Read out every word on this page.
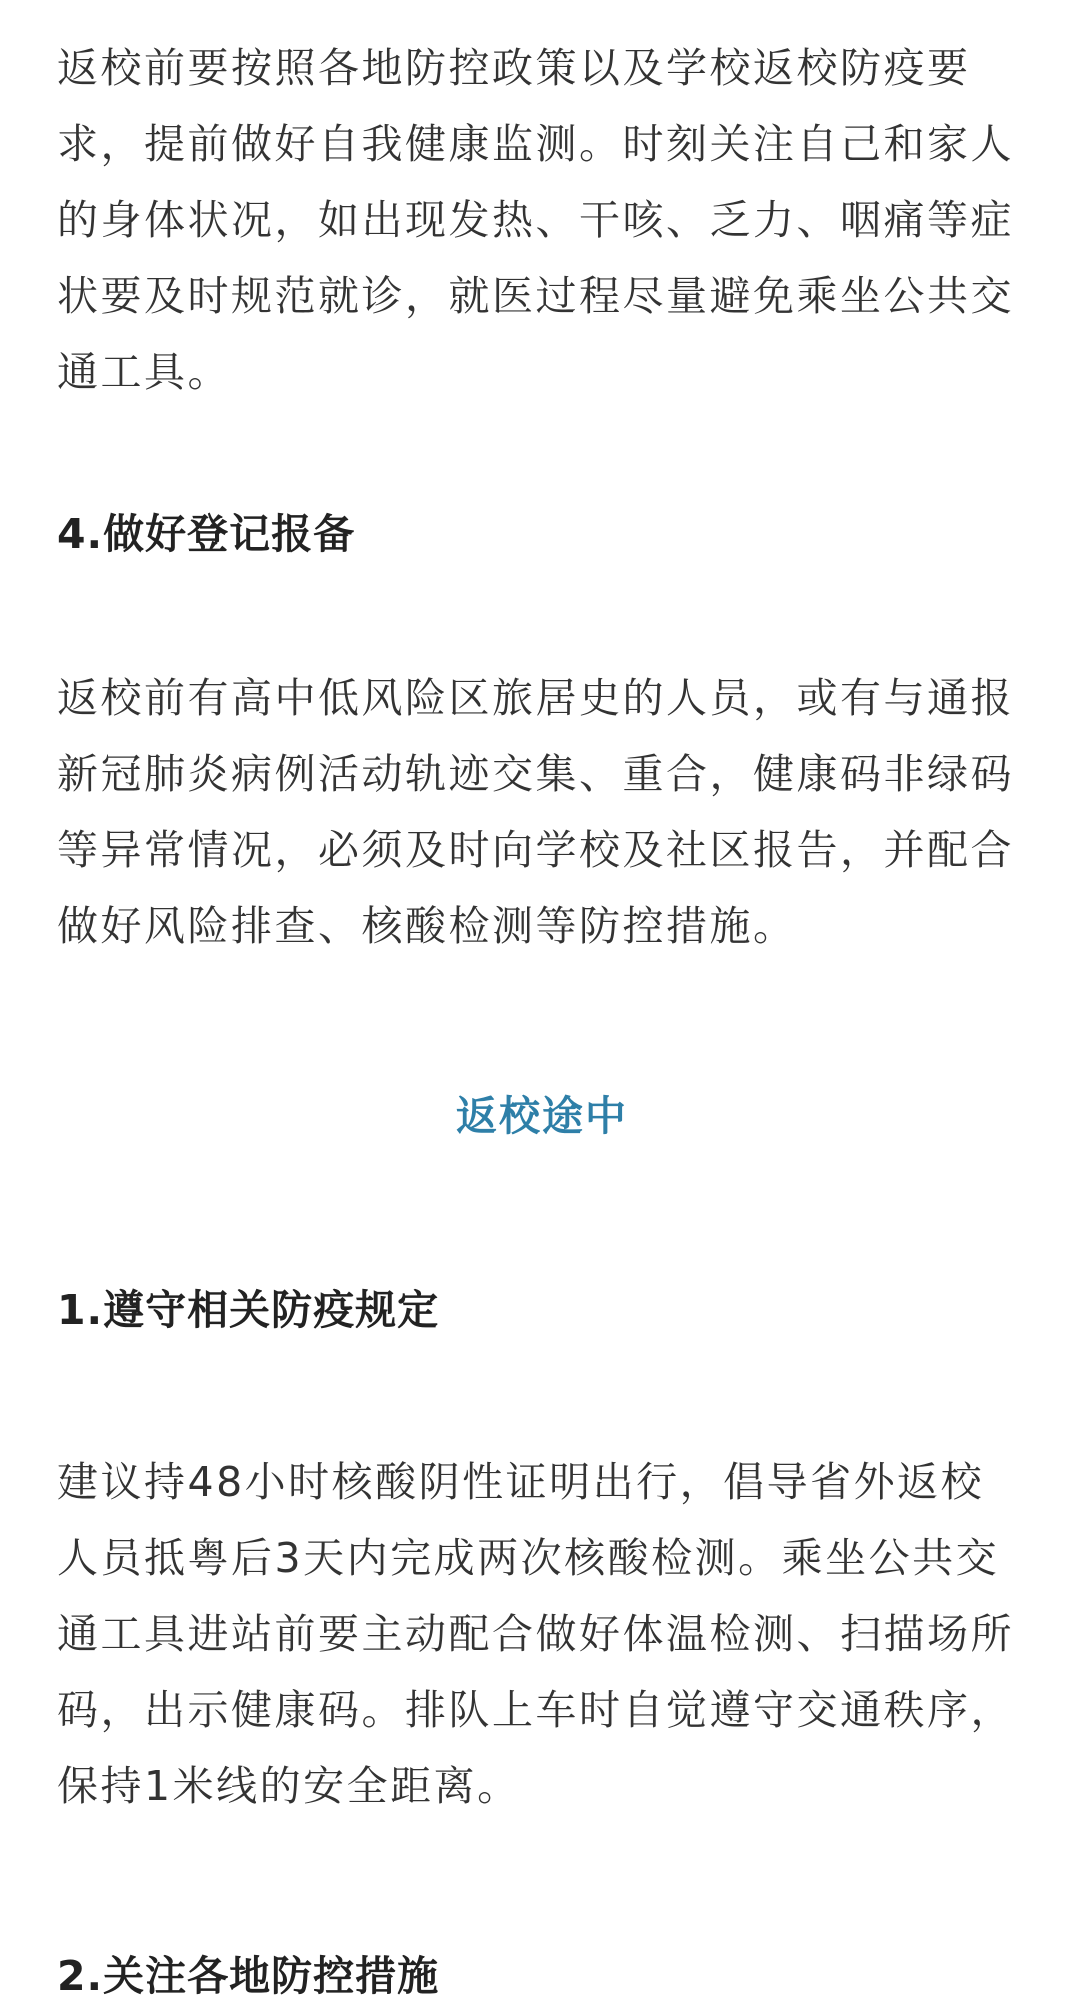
返校前要按照各地防控政策以及学校返校防疫要
求，提前做好自我健康监测。时刻关注自己和家人
的身体状况，如出现发热、干咳、乏力、咽痛等症
状要及时规范就诊，就医过程尽量避免乘坐公共交
通工具。
4.做好登记报备
返校前有高中低风险区旅居史的人员，或有与通报
新冠肺炎病例活动轨迹交集、重合，健康码非绿码
等异常情况，必须及时向学校及社区报告，并配合
做好风险排查、核酸检测等防控措施。
返校途中
1.遵守相关防疫规定
建议持48小时核酸阴性证明出行，倡导省外返校
人员抵粤后3天内完成两次核酸检测。乘坐公共交
通工具进站前要主动配合做好体温检测、扫描场所
码，出示健康码。排队上车时自觉遵守交通秩序，
保持1米线的安全距离。
2.关注各地防控措施
